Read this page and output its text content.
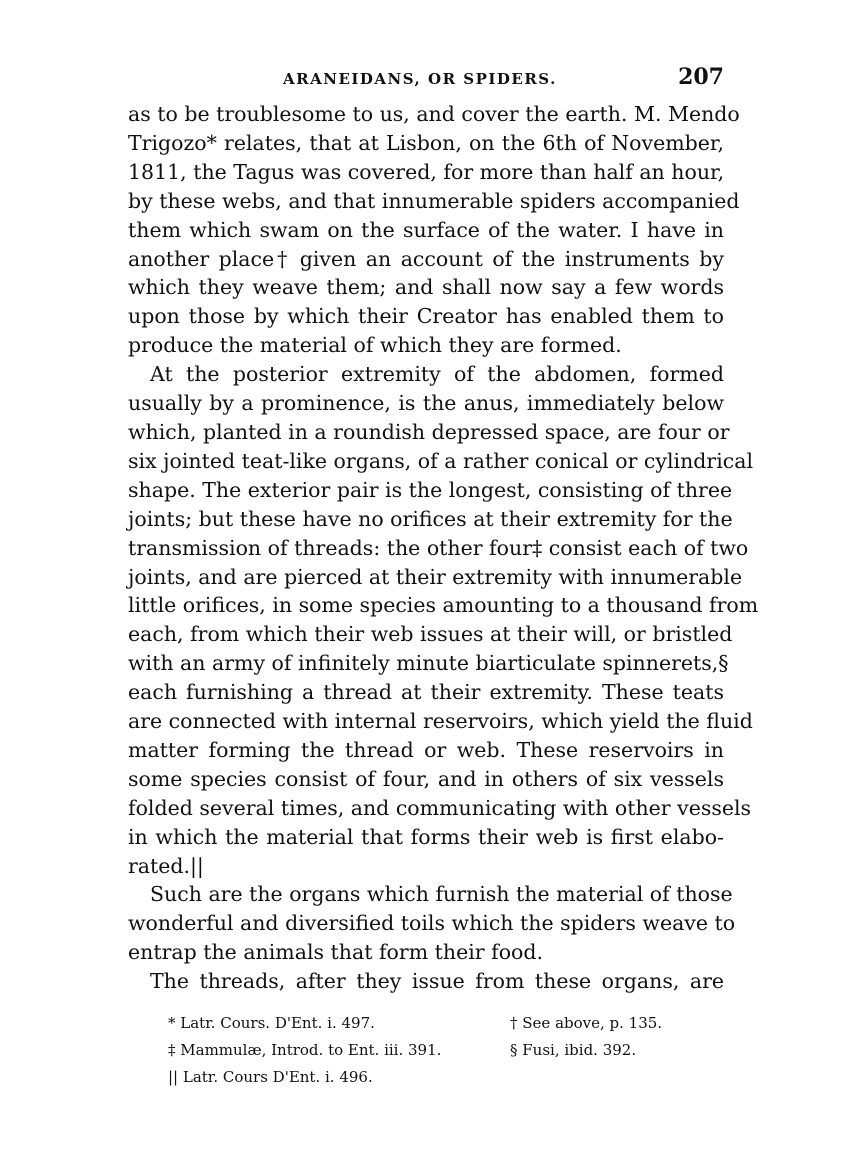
ARANEIDANS, OR SPIDERS.	207

as to be troublesome to us, and cover the earth. M. Mendo
Trigozo* relates, that at Lisbon, on the 6th of November,
1811, the Tagus was covered, for more than half an hour,
by these webs, and that innumerable spiders accompanied
them which swam on the surface of the water. I have in
another place† given an account of the instruments by
which they weave them; and shall now say a few words
upon those by which their Creator has enabled them to
produce the material of which they are formed.

At the posterior extremity of the abdomen, formed
usually by a prominence, is the anus, immediately below
which, planted in a roundish depressed space, are four or
six jointed teat-like organs, of a rather conical or cylindrical
shape. The exterior pair is the longest, consisting of three
joints; but these have no orifices at their extremity for the
transmission of threads: the other four‡ consist each of two
joints, and are pierced at their extremity with innumerable
little orifices, in some species amounting to a thousand from
each, from which their web issues at their will, or bristled
with an army of infinitely minute biarticulate spinnerets,§
each furnishing a thread at their extremity. These teats
are connected with internal reservoirs, which yield the fluid
matter forming the thread or web. These reservoirs in
some species consist of four, and in others of six vessels
folded several times, and communicating with other vessels
in which the material that forms their web is first elabo-
rated.||

Such are the organs which furnish the material of those
wonderful and diversified toils which the spiders weave to
entrap the animals that form their food.

The threads, after they issue from these organs, are

* Latr. Cours. D'Ent. i. 497.	† See above, p. 135.
‡ Mammulæ, Introd. to Ent. iii. 391.	§ Fusi, ibid. 392.
|| Latr. Cours D'Ent. i. 496.
